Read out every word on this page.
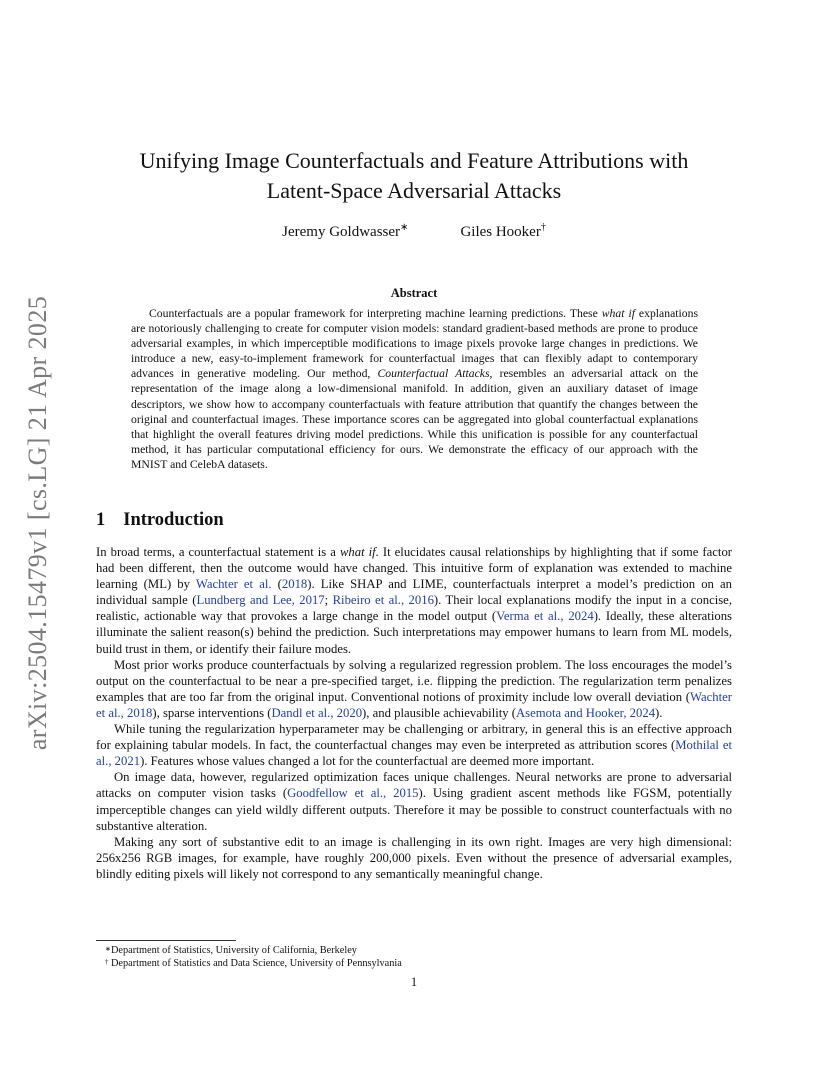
arXiv:2504.15479v1 [cs.LG] 21 Apr 2025
Unifying Image Counterfactuals and Feature Attributions with
Latent-Space Adversarial Attacks
Jeremy Goldwasser∗	Giles Hooker†
Abstract

Counterfactuals are a popular framework for interpreting machine learning predictions. These what if explanations are notoriously challenging to create for computer vision models: standard gradient-based methods are prone to produce adversarial examples, in which imperceptible modifications to image pixels provoke large changes in predictions. We introduce a new, easy-to-implement framework for counterfactual images that can flexibly adapt to contemporary advances in generative modeling. Our method, Counterfactual Attacks, resembles an adversarial attack on the representation of the image along a low-dimensional manifold. In addition, given an auxiliary dataset of image descriptors, we show how to accompany counterfactuals with feature attribution that quantify the changes between the original and counterfactual images. These importance scores can be aggregated into global counterfactual explanations that highlight the overall features driving model predictions. While this unification is possible for any counterfactual method, it has particular computational efficiency for ours. We demonstrate the efficacy of our approach with the MNIST and CelebA datasets.

1 Introduction

In broad terms, a counterfactual statement is a what if. It elucidates causal relationships by highlighting that if some factor had been different, then the outcome would have changed. This intuitive form of explanation was extended to machine learning (ML) by Wachter et al. (2018). Like SHAP and LIME, counterfactuals interpret a model’s prediction on an individual sample (Lundberg and Lee, 2017; Ribeiro et al., 2016). Their local explanations modify the input in a concise, realistic, actionable way that provokes a large change in the model output (Verma et al., 2024). Ideally, these alterations illuminate the salient reason(s) behind the prediction. Such interpretations may empower humans to learn from ML models, build trust in them, or identify their failure modes.

Most prior works produce counterfactuals by solving a regularized regression problem. The loss encourages the model’s output on the counterfactual to be near a pre-specified target, i.e. flipping the prediction. The regularization term penalizes examples that are too far from the original input. Conventional notions of proximity include low overall deviation (Wachter et al., 2018), sparse interventions (Dandl et al., 2020), and plausible achievability (Asemota and Hooker, 2024).

While tuning the regularization hyperparameter may be challenging or arbitrary, in general this is an effective approach for explaining tabular models. In fact, the counterfactual changes may even be interpreted as attribution scores (Mothilal et al., 2021). Features whose values changed a lot for the counterfactual are deemed more important.

On image data, however, regularized optimization faces unique challenges. Neural networks are prone to adversarial attacks on computer vision tasks (Goodfellow et al., 2015). Using gradient ascent methods like FGSM, potentially imperceptible changes can yield wildly different outputs. Therefore it may be possible to construct counterfactuals with no substantive alteration.

Making any sort of substantive edit to an image is challenging in its own right. Images are very high dimensional: 256x256 RGB images, for example, have roughly 200,000 pixels. Even without the presence of adversarial examples, blindly editing pixels will likely not correspond to any semantically meaningful change.

∗ Department of Statistics, University of California, Berkeley
† Department of Statistics and Data Science, University of Pennsylvania
1
